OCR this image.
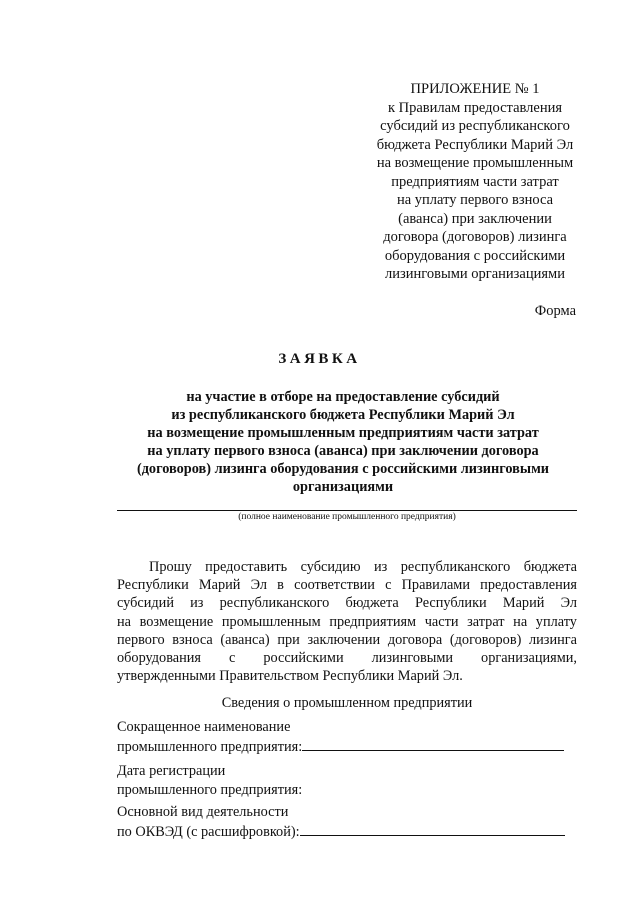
ПРИЛОЖЕНИЕ № 1
к Правилам предоставления
субсидий из республиканского
бюджета Республики Марий Эл
на возмещение промышленным
предприятиям части затрат
на уплату первого взноса
(аванса) при заключении
договора (договоров) лизинга
оборудования с российскими
лизинговыми организациями
Форма
ЗАЯВКА
на участие в отборе на предоставление субсидий
из республиканского бюджета Республики Марий Эл
на возмещение промышленным предприятиям части затрат
на уплату первого взноса (аванса) при заключении договора
(договоров) лизинга оборудования с российскими лизинговыми
организациями
(полное наименование промышленного предприятия)
Прошу предоставить субсидию из республиканского бюджета
Республики Марий Эл в соответствии с Правилами предоставления
субсидий из республиканского бюджета Республики Марий Эл
на возмещение промышленным предприятиям части затрат на уплату
первого взноса (аванса) при заключении договора (договоров) лизинга
оборудования с российскими лизинговыми организациями,
утвержденными Правительством Республики Марий Эл.
Сведения о промышленном предприятии
Сокращенное наименование
промышленного предприятия:
Дата регистрации
промышленного предприятия:
Основной вид деятельности
по ОКВЭД (с расшифровкой):
